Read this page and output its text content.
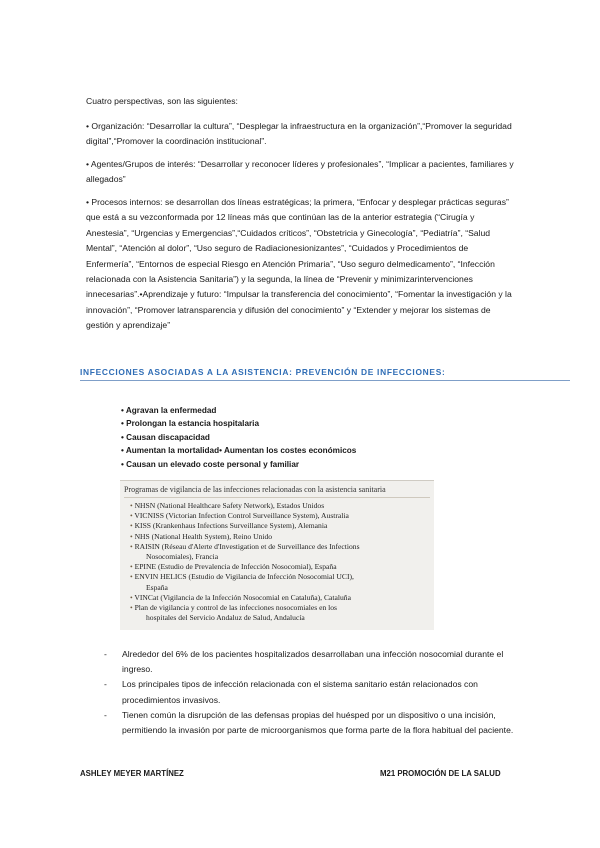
Cuatro perspectivas, son las siguientes:

• Organización: “Desarrollar la cultura”, “Desplegar la infraestructura en la organización”,“Promover la seguridad digital”,“Promover la coordinación institucional”.

• Agentes/Grupos de interés: “Desarrollar y reconocer líderes y profesionales”, “Implicar a pacientes, familiares y allegados”

• Procesos internos: se desarrollan dos líneas estratégicas; la primera, “Enfocar y desplegar prácticas seguras” que está a su vezconformada por 12 líneas más que continúan las de la anterior estrategia (“Cirugía y Anestesia”, “Urgencias y Emergencias”,“Cuidados críticos”, “Obstetricia y Ginecología”, “Pediatría”, “Salud Mental”, “Atención al dolor”, “Uso seguro de Radiacionesionizantes”, “Cuidados y Procedimientos de Enfermería”, “Entornos de especial Riesgo en Atención Primaria”, “Uso seguro delmedicamento”, “Infección relacionada con la Asistencia Sanitaria”) y la segunda, la línea de “Prevenir y minimizarintervenciones innecesarias”.•Aprendizaje y futuro: “Impulsar la transferencia del conocimiento”, “Fomentar la investigación y la innovación”, “Promover latransparencia y difusión del conocimiento” y “Extender y mejorar los sistemas de gestión y aprendizaje”

INFECCIONES ASOCIADAS A LA ASISTENCIA: PREVENCIÓN DE INFECCIONES:
• Agravan la enfermedad
• Prolongan la estancia hospitalaria
• Causan discapacidad
• Aumentan la mortalidad• Aumentan los costes económicos
• Causan un elevado coste personal y familiar
Programas de vigilancia de las infecciones relacionadas con la asistencia sanitaria
• NHSN (National Healthcare Safety Network), Estados Unidos
• VICNISS (Victorian Infection Control Surveillance System), Australia
• KISS (Krankenhaus Infections Surveillance System), Alemania
• NHS (National Health System), Reino Unido
• RAISIN (Réseau d'Alerte d'Investigation et de Surveillance des Infections
Nosocomiales), Francia
• EPINE (Estudio de Prevalencia de Infección Nosocomial), España
• ENVIN HELICS (Estudio de Vigilancia de Infección Nosocomial UCI),
España
• VINCat (Vigilancia de la Infección Nosocomial en Cataluña), Cataluña
• Plan de vigilancia y control de las infecciones nosocomiales en los
hospitales del Servicio Andaluz de Salud, Andalucía
- Alrededor del 6% de los pacientes hospitalizados desarrollaban una infección nosocomial durante el ingreso.
- Los principales tipos de infección relacionada con el sistema sanitario están relacionados con procedimientos invasivos.
- Tienen común la disrupción de las defensas propias del huésped por un dispositivo o una incisión, permitiendo la invasión por parte de microorganismos que forma parte de la flora habitual del paciente.
ASHLEY MEYER MARTÍNEZ	M21 PROMOCIÓN DE LA SALUD
